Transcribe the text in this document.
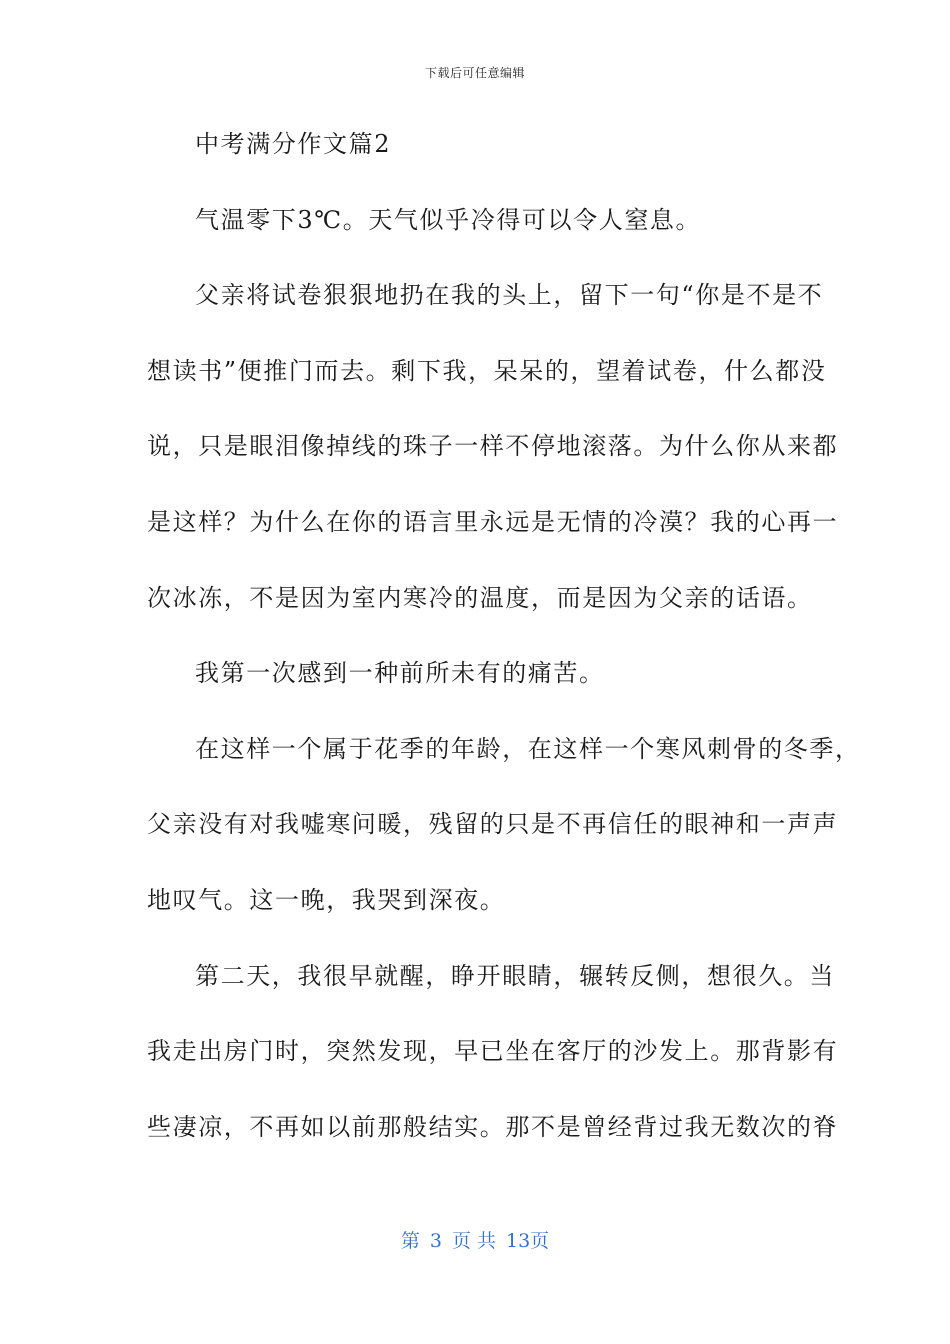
下载后可任意编辑
中考满分作文篇2
气温零下3℃。天气似乎冷得可以令人窒息。
父亲将试卷狠狠地扔在我的头上，留下一句“你是不是不
想读书”便推门而去。剩下我，呆呆的，望着试卷，什么都没
说，只是眼泪像掉线的珠子一样不停地滚落。为什么你从来都
是这样？为什么在你的语言里永远是无情的冷漠？我的心再一
次冰冻，不是因为室内寒冷的温度，而是因为父亲的话语。
我第一次感到一种前所未有的痛苦。
在这样一个属于花季的年龄，在这样一个寒风刺骨的冬季，
父亲没有对我嘘寒问暖，残留的只是不再信任的眼神和一声声
地叹气。这一晚，我哭到深夜。
第二天，我很早就醒，睁开眼睛，辗转反侧，想很久。当
我走出房门时，突然发现，早已坐在客厅的沙发上。那背影有
些凄凉，不再如以前那般结实。那不是曾经背过我无数次的脊
第 3 页 共 13页
